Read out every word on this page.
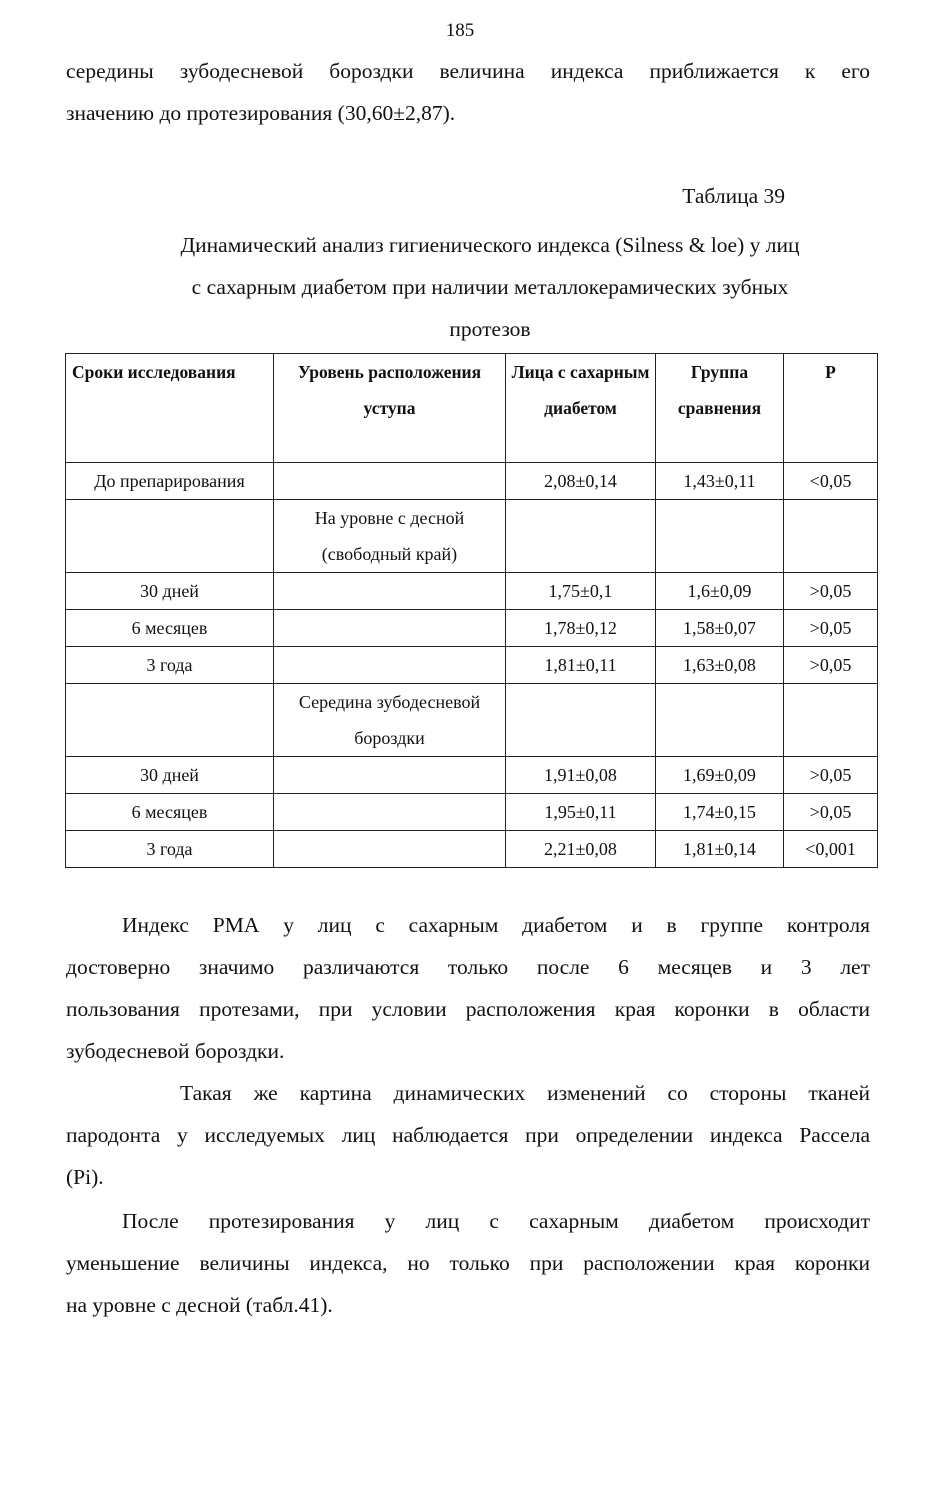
185
середины зубодесневой бороздки величина индекса приближается к его
значению до протезирования (30,60±2,87).
Таблица 39
Динамический анализ гигиенического индекса (Silness & loe) у лиц
с сахарным диабетом при наличии металлокерамических зубных
протезов
Сроки исследования	Уровень расположения уступа	Лица с сахарным диабетом	Группа сравнения	Р
До препарирования		2,08±0,14	1,43±0,11	<0,05
	На уровне с десной (свободный край)			
30 дней		1,75±0,1	1,6±0,09	>0,05
6 месяцев		1,78±0,12	1,58±0,07	>0,05
3 года		1,81±0,11	1,63±0,08	>0,05
	Середина зубодесневой бороздки			
30 дней		1,91±0,08	1,69±0,09	>0,05
6 месяцев		1,95±0,11	1,74±0,15	>0,05
3 года		2,21±0,08	1,81±0,14	<0,001
Индекс РМА у лиц с сахарным диабетом и в группе контроля
достоверно значимо различаются только после 6 месяцев и 3 лет
пользования протезами, при условии расположения края коронки в области
зубодесневой бороздки.
Такая же картина динамических изменений со стороны тканей
пародонта у исследуемых лиц наблюдается при определении индекса Рассела
(Pi).
После протезирования у лиц с сахарным диабетом происходит
уменьшение величины индекса, но только при расположении края коронки
на уровне с десной (табл.41).
